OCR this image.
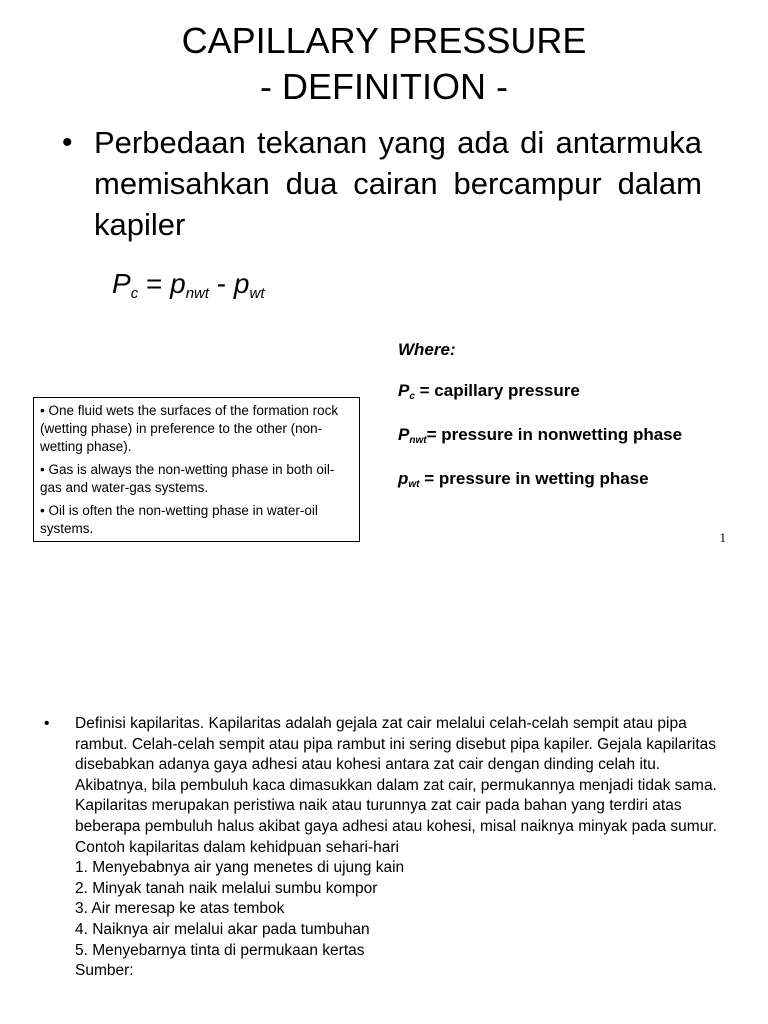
CAPILLARY PRESSURE
- DEFINITION -
• Perbedaan tekanan yang ada di antarmuka memisahkan dua cairan bercampur dalam kapiler
$P_c = p_{nwt} - p_{wt}$
Where:
$P_c$ = capillary pressure
$P_{nwt}=$ pressure in nonwetting phase
$p_{wt}$ = pressure in wetting phase

• One fluid wets the surfaces of the formation rock (wetting phase) in preference to the other (non-wetting phase).

• Gas is always the non-wetting phase in both oil-gas and water-gas systems.

• Oil is often the non-wetting phase in water-oil systems.

1
• Definisi kapilaritas. Kapilaritas adalah gejala zat cair melalui celah-celah sempit atau pipa rambut. Celah-celah sempit atau pipa rambut ini sering disebut pipa kapiler. Gejala kapilaritas disebabkan adanya gaya adhesi atau kohesi antara zat cair dengan dinding celah itu. Akibatnya, bila pembuluh kaca dimasukkan dalam zat cair, permukannya menjadi tidak sama.
Kapilaritas merupakan peristiwa naik atau turunnya zat cair pada bahan yang terdiri atas beberapa pembuluh halus akibat gaya adhesi atau kohesi, misal naiknya minyak pada sumur.
Contoh kapilaritas dalam kehidpuan sehari-hari
1. Menyebabnya air yang menetes di ujung kain
2. Minyak tanah naik melalui sumbu kompor
3. Air meresap ke atas tembok
4. Naiknya air melalui akar pada tumbuhan
5. Menyebarnya tinta di permukaan kertas
Sumber:
